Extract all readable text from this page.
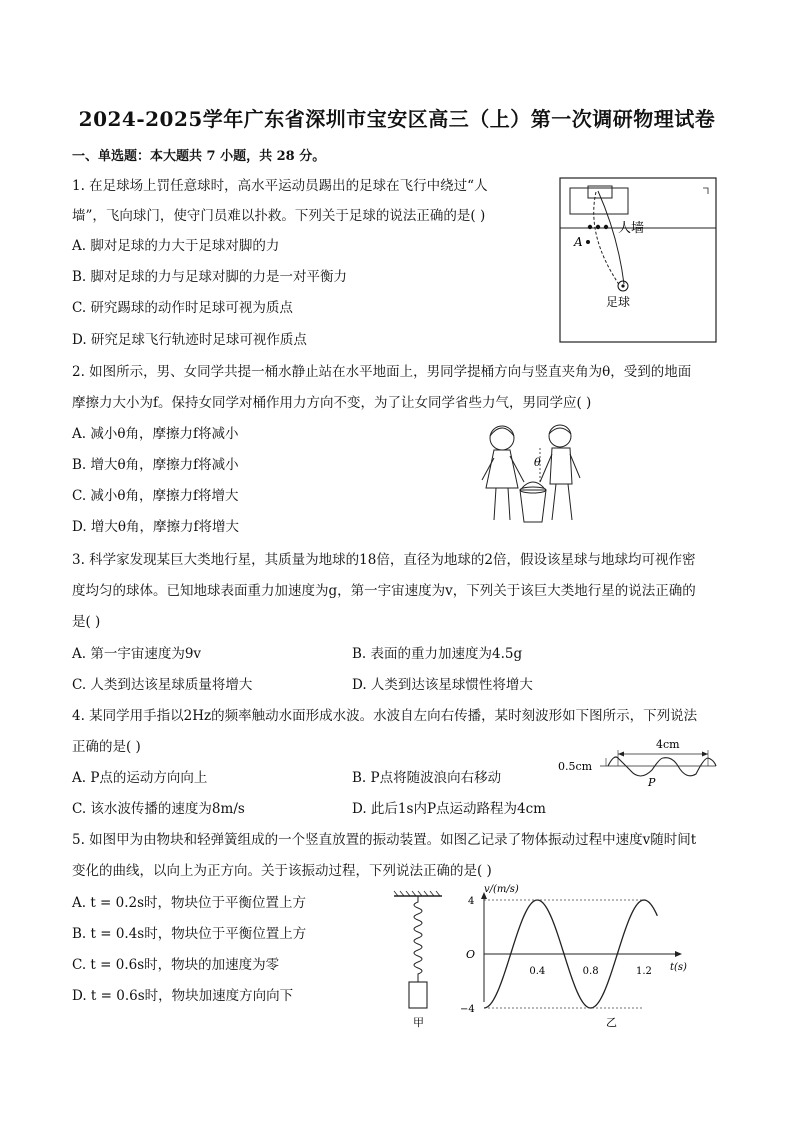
2024-2025学年广东省深圳市宝安区高三（上）第一次调研物理试卷
一、单选题：本大题共 7 小题，共 28 分。
1. 在足球场上罚任意球时，高水平运动员踢出的足球在飞行中绕过“人
墙”，飞向球门，使守门员难以扑救。下列关于足球的说法正确的是( )
A. 脚对足球的力大于足球对脚的力
B. 脚对足球的力与足球对脚的力是一对平衡力
C. 研究踢球的动作时足球可视为质点
D. 研究足球飞行轨迹时足球可视作质点
人墙
A
足球
2. 如图所示，男、女同学共提一桶水静止站在水平地面上，男同学提桶方向与竖直夹角为θ，受到的地面
摩擦力大小为f。保持女同学对桶作用力方向不变，为了让女同学省些力气，男同学应( )
A. 减小θ角，摩擦力f将减小
B. 增大θ角，摩擦力f将减小
C. 减小θ角，摩擦力f将增大
D. 增大θ角，摩擦力f将增大
θ
3. 科学家发现某巨大类地行星，其质量为地球的18倍，直径为地球的2倍，假设该星球与地球均可视作密
度均匀的球体。已知地球表面重力加速度为g，第一宇宙速度为v，下列关于该巨大类地行星的说法正确的
是( )
A. 第一宇宙速度为9v	B. 表面的重力加速度为4.5g
C. 人类到达该星球质量将增大	D. 人类到达该星球惯性将增大
4. 某同学用手指以2Hz的频率触动水面形成水波。水波自左向右传播，某时刻波形如下图所示，下列说法
正确的是( )
A. P点的运动方向向上	B. P点将随波浪向右移动
C. 该水波传播的速度为8m/s	D. 此后1s内P点运动路程为4cm
4cm
0.5cm
P
5. 如图甲为由物块和轻弹簧组成的一个竖直放置的振动装置。如图乙记录了物体振动过程中速度v随时间t
变化的曲线，以向上为正方向。关于该振动过程，下列说法正确的是( )
A. t = 0.2s时，物块位于平衡位置上方
B. t = 0.4s时，物块位于平衡位置上方
C. t = 0.6s时，物块的加速度为零
D. t = 0.6s时，物块加速度方向向下
甲
v/(m/s)
t(s)
O
4
−4
0.4	0.8	1.2
乙
